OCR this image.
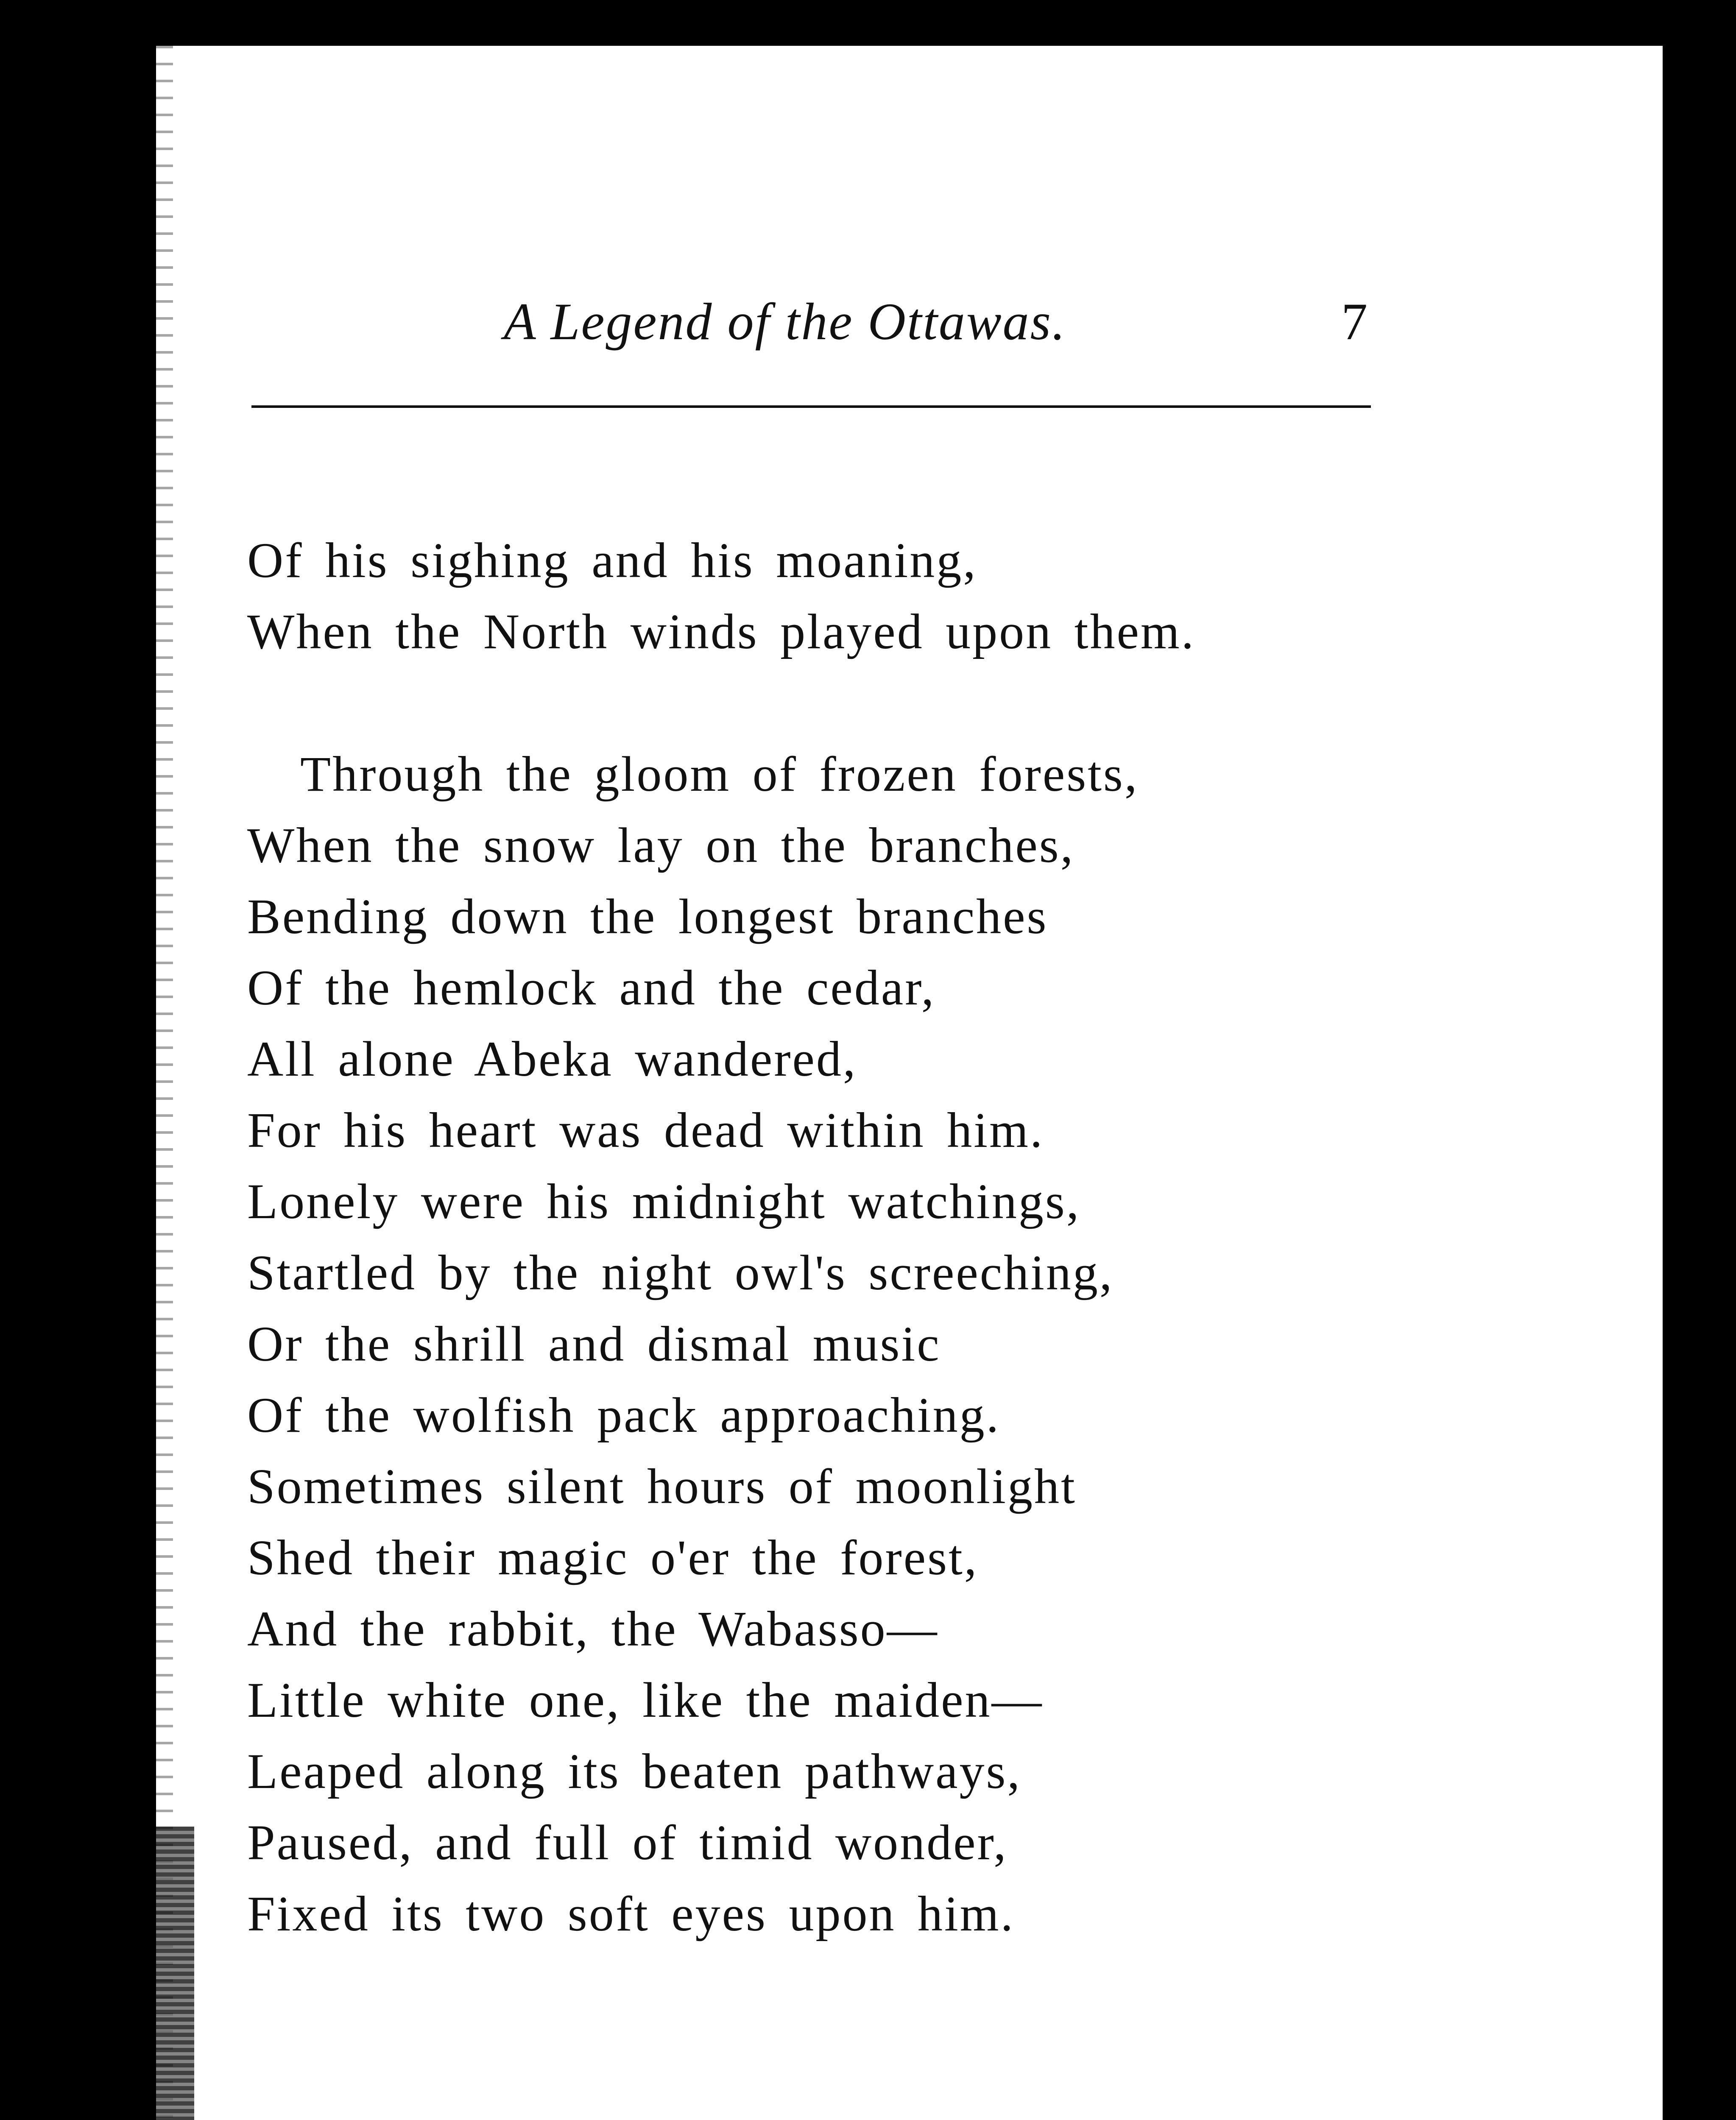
A Legend of the Ottawas.	7
Of his sighing and his moaning,
When the North winds played upon them.
Through the gloom of frozen forests,
When the snow lay on the branches,
Bending down the longest branches
Of the hemlock and the cedar,
All alone Abeka wandered,
For his heart was dead within him.
Lonely were his midnight watchings,
Startled by the night owl's screeching,
Or the shrill and dismal music
Of the wolfish pack approaching.
Sometimes silent hours of moonlight
Shed their magic o'er the forest,
And the rabbit, the Wabasso—
Little white one, like the maiden—
Leaped along its beaten pathways,
Paused, and full of timid wonder,
Fixed its two soft eyes upon him.
